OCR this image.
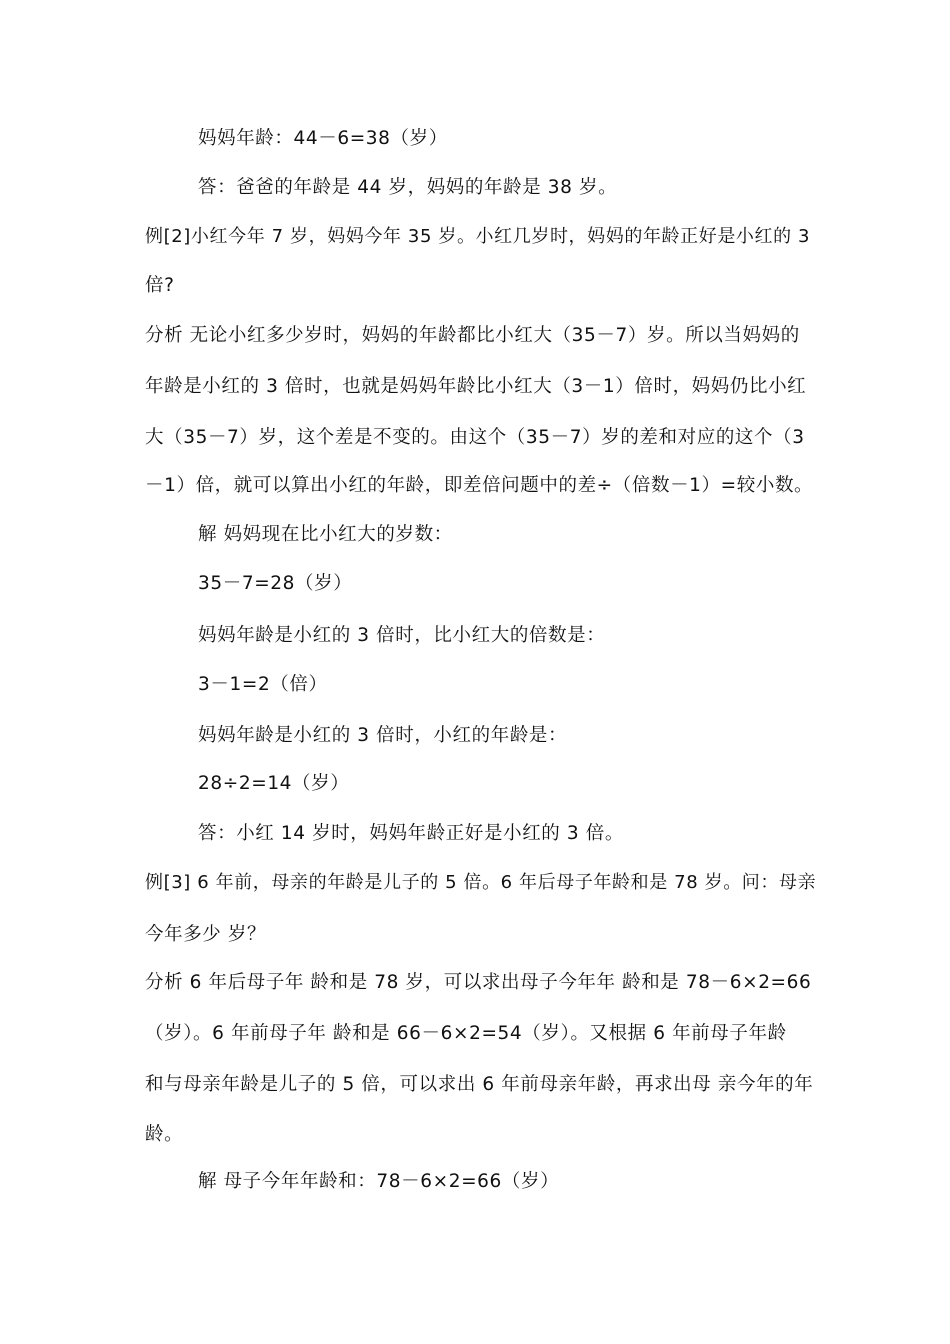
妈妈年龄：44－6=38（岁）
答：爸爸的年龄是 44 岁，妈妈的年龄是 38 岁。
例[2]小红今年 7 岁，妈妈今年 35 岁。小红几岁时，妈妈的年龄正好是小红的 3
倍?
分析 无论小红多少岁时，妈妈的年龄都比小红大（35－7）岁。所以当妈妈的
年龄是小红的 3 倍时，也就是妈妈年龄比小红大（3－1）倍时，妈妈仍比小红
大（35－7）岁，这个差是不变的。由这个（35－7）岁的差和对应的这个（3
－1）倍，就可以算出小红的年龄，即差倍问题中的差÷（倍数－1）=较小数。
解 妈妈现在比小红大的岁数：
35－7=28（岁）
妈妈年龄是小红的 3 倍时，比小红大的倍数是：
3－1=2（倍）
妈妈年龄是小红的 3 倍时，小红的年龄是：
28÷2=14（岁）
答：小红 14 岁时，妈妈年龄正好是小红的 3 倍。
例[3] 6 年前，母亲的年龄是儿子的 5 倍。6 年后母子年龄和是 78 岁。问：母亲
今年多少 岁？
分析 6 年后母子年 龄和是 78 岁，可以求出母子今年年 龄和是 78－6×2=66
（岁）。6 年前母子年 龄和是 66－6×2=54（岁）。又根据 6 年前母子年龄
和与母亲年龄是儿子的 5 倍，可以求出 6 年前母亲年龄，再求出母 亲今年的年
龄。
解 母子今年年龄和：78－6×2=66（岁）
